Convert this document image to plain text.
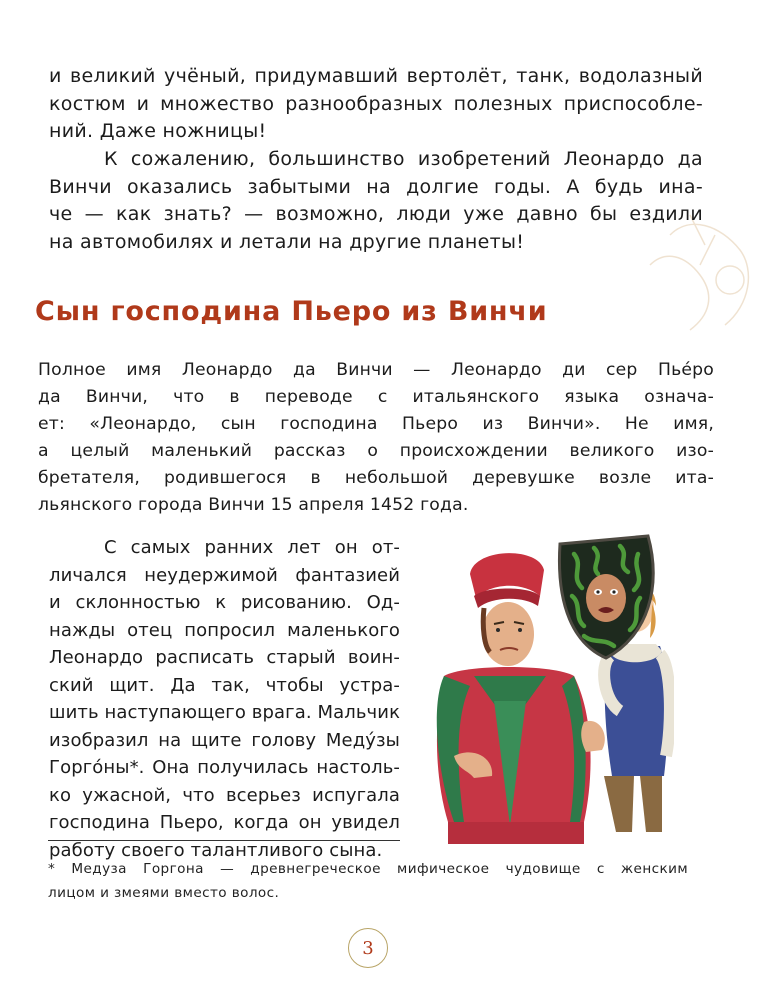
и великий учёный, придумавший вертолёт, танк, водолазный
костюм и множество разнообразных полезных приспособле-
ний. Даже ножницы!
К сожалению, большинство изобретений Леонардо да
Винчи оказались забытыми на долгие годы. А будь ина-
че — как знать? — возможно, люди уже давно бы ездили
на автомобилях и летали на другие планеты!
Сын господина Пьеро из Винчи
Полное имя Леонардо да Винчи — Леонардо ди сер Пьéро
да Винчи, что в переводе с итальянского языка означа-
ет: «Леонардо, сын господина Пьеро из Винчи». Не имя,
а целый маленький рассказ о происхождении великого изо-
бретателя, родившегося в небольшой деревушке возле ита-
льянского города Винчи 15 апреля 1452 года.
С самых ранних лет он от-
личался неудержимой фантазией
и склонностью к рисованию. Од-
нажды отец попросил маленького
Леонардо расписать старый воин-
ский щит. Да так, чтобы устра-
шить наступающего врага. Мальчик
изобразил на щите голову Медýзы
Горгóны*. Она получилась настоль-
ко ужасной, что всерьез испугала
господина Пьеро, когда он увидел
работу своего талантливого сына.
* Медуза Горгона — древнегреческое мифическое чудовище с женским
лицом и змеями вместо волос.
3
